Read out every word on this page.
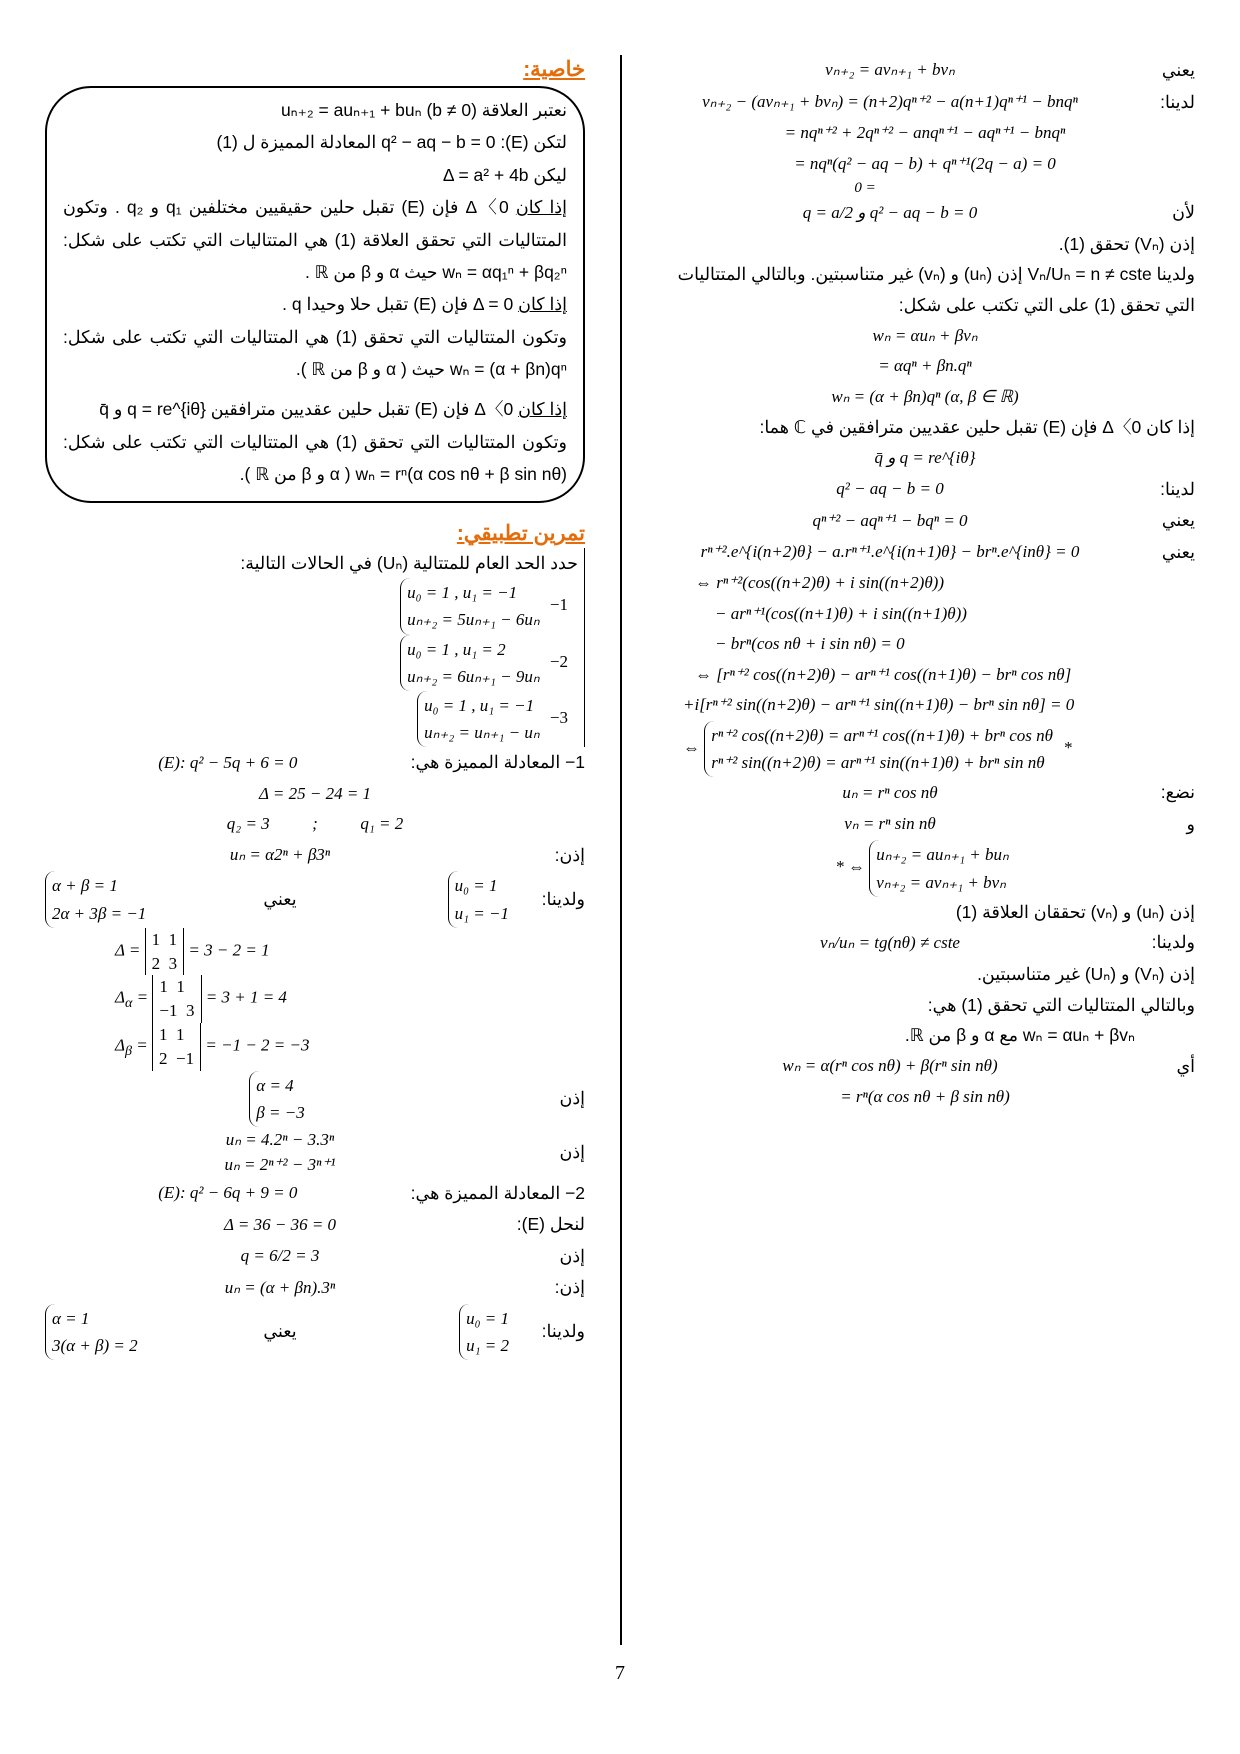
يعني
vₙ₊₂ = avₙ₊₁ + bvₙ
لدينا:
vₙ₊₂ − (avₙ₊₁ + bvₙ) = (n+2)qⁿ⁺² − a(n+1)qⁿ⁺¹ − bnqⁿ
= nqⁿ⁺² + 2qⁿ⁺² − anqⁿ⁺¹ − aqⁿ⁺¹ − bnqⁿ
= nqⁿ(q² − aq − b) + qⁿ⁺¹(2q − a) = 0
0 =
لأن
q = a/2 و q² − aq − b = 0
إذن (Vₙ) تحقق (1).
ولدينا Vₙ/Uₙ = n ≠ cste إذن (uₙ) و (vₙ) غير متناسبتين. وبالتالي المتتاليات التي تحقق (1) على التي تكتب على شكل:
wₙ = αuₙ + βvₙ
= αqⁿ + βn.qⁿ
wₙ = (α + βn)qⁿ (α, β ∈ ℝ)
إذا كان Δ〈0 فإن (E) تقبل حلين عقديين مترافقين في ℂ هما:
q̄ و q = re^{iθ}
لدينا:
q² − aq − b = 0
يعني
qⁿ⁺² − aqⁿ⁺¹ − bqⁿ = 0
يعني
rⁿ⁺².e^{i(n+2)θ} − a.rⁿ⁺¹.e^{i(n+1)θ} − brⁿ.e^{inθ} = 0
⇔ rⁿ⁺²(cos((n+2)θ) + i sin((n+2)θ))
− arⁿ⁺¹(cos((n+1)θ) + i sin((n+1)θ))
− brⁿ(cos nθ + i sin nθ) = 0
⇔ [rⁿ⁺² cos((n+2)θ) − arⁿ⁺¹ cos((n+1)θ) − brⁿ cos nθ]
+i[rⁿ⁺² sin((n+2)θ) − arⁿ⁺¹ sin((n+1)θ) − brⁿ sin nθ] = 0
⇔ rⁿ⁺² cos((n+2)θ) = arⁿ⁺¹ cos((n+1)θ) + brⁿ cos nθ
rⁿ⁺² sin((n+2)θ) = arⁿ⁺¹ sin((n+1)θ) + brⁿ sin nθ *
نضع:
uₙ = rⁿ cos nθ
و
vₙ = rⁿ sin nθ
* ⇔ uₙ₊₂ = auₙ₊₁ + buₙ
vₙ₊₂ = avₙ₊₁ + bvₙ
إذن (uₙ) و (vₙ) تحققان العلاقة (1)
ولدينا:
vₙ/uₙ = tg(nθ) ≠ cste
إذن (Vₙ) و (Uₙ) غير متناسبتين.
وبالتالي المتتاليات التي تحقق (1) هي:
wₙ = αuₙ + βvₙ مع α و β من ℝ.
أي
wₙ = α(rⁿ cos nθ) + β(rⁿ sin nθ)
= rⁿ(α cos nθ + β sin nθ)
خاصية:
نعتبر العلاقة uₙ₊₂ = auₙ₊₁ + buₙ (b ≠ 0)
لتكن (E): q² − aq − b = 0 المعادلة المميزة ل (1)
ليكن Δ = a² + 4b
إذا كان Δ〈0 فإن (E) تقبل حلين حقيقيين مختلفين q₁ و q₂ . وتكون المتتاليات التي تحقق العلاقة (1) هي المتتاليات التي تكتب على شكل: wₙ = αq₁ⁿ + βq₂ⁿ حيث α و β من ℝ .
إذا كان Δ = 0 فإن (E) تقبل حلا وحيدا q .
وتكون المتتاليات التي تحقق (1) هي المتتاليات التي تكتب على شكل: wₙ = (α + βn)qⁿ حيث ( α و β من ℝ ).
إذا كان Δ〈0 فإن (E) تقبل حلين عقديين مترافقين q = re^{iθ} و q̄
وتكون المتتاليات التي تحقق (1) هي المتتاليات التي تكتب على شكل: wₙ = rⁿ(α cos nθ + β sin nθ) ( α و β من ℝ ).
تمرين تطبيقي:
حدد الحد العام للمتتالية (Uₙ) في الحالات التالية:
u₀ = 1 , u₁ = −1
uₙ₊₂ = 5uₙ₊₁ − 6uₙ −1
u₀ = 1 , u₁ = 2
uₙ₊₂ = 6uₙ₊₁ − 9uₙ −2
u₀ = 1 , u₁ = −1
uₙ₊₂ = uₙ₊₁ − uₙ −3
1− المعادلة المميزة هي:
(E): q² − 5q + 6 = 0
Δ = 25 − 24 = 1
q₂ = 3          ;          q₁ = 2
إذن:
uₙ = α2ⁿ + β3ⁿ
ولدينا:
u₀ = 1
u₁ = −1
يعني
α + β = 1
2α + 3β = −1
Δ = 1 1
2 3 = 3 − 2 = 1
$\Delta_\alpha = 1$ 1
−1 3 = 3 + 1 = 4
$\Delta_\beta = 1$ 1
2 −1 = −1 − 2 = −3
إذن
α = 4
β = −3
إذن
uₙ = 4.2ⁿ − 3.3ⁿ
uₙ = 2ⁿ⁺² − 3ⁿ⁺¹
2− المعادلة المميزة هي:
(E): q² − 6q + 9 = 0
لنحل (E):
Δ = 36 − 36 = 0
إذن
q = 6/2 = 3
إذن:
uₙ = (α + βn).3ⁿ
ولدينا:
u₀ = 1
u₁ = 2
يعني
α = 1
3(α + β) = 2
7
